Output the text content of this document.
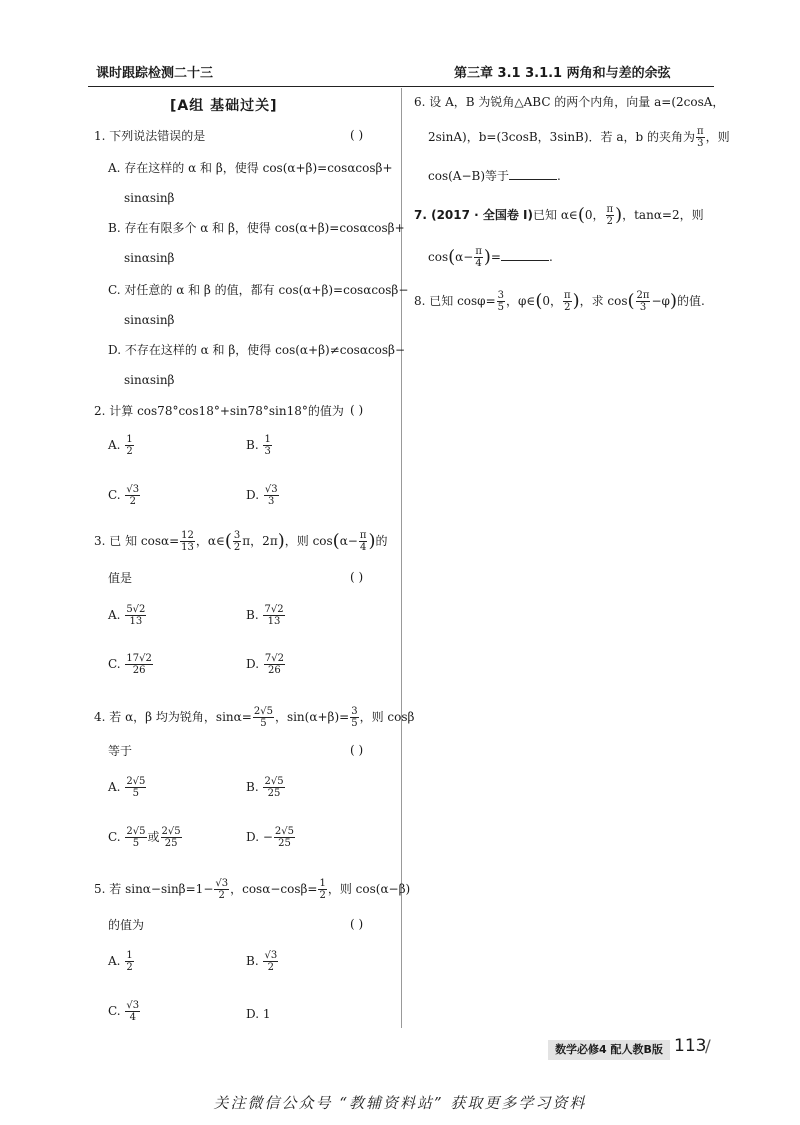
课时跟踪检测二十三	第三章 3.1 3.1.1 两角和与差的余弦
[A组 基础过关]
1. 下列说法错误的是	( )
A. 存在这样的 α 和 β，使得 cos(α+β)=cosαcosβ+
sinαsinβ
B. 存在有限多个 α 和 β，使得 cos(α+β)=cosαcosβ+
sinαsinβ
C. 对任意的 α 和 β 的值，都有 cos(α+β)=cosαcosβ−
sinαsinβ
D. 不存在这样的 α 和 β，使得 cos(α+β)≠cosαcosβ−
sinαsinβ
2. 计算 cos78°cos18°+sin78°sin18°的值为 ( )
A. $\frac{1}{2}$	B. $\frac{1}{3}$
C. $\frac{√3}{2}$	D. $\frac{√3}{3}$
3. 已 知 $\cos\alpha= \frac{12}{13}$ ，α∈( $\frac{3}{2}$ π，2π)，则 $\cos(\alpha- \frac{\pi}{4}$ )的
值是	( )
A. $\frac{5√2}{13}$	B. $\frac{7√2}{13}$
C. $\frac{17√2}{26}$	D. $\frac{7√2}{26}$
4. 若 α，β 均为锐角，$\sin\alpha= \frac{2√5}{5}$ ，$\sin(\alpha+\beta)= \frac{3}{5}$ ，则 cosβ
等于	( )
A. $\frac{2√5}{5}$	B. $\frac{2√5}{25}$
C. $\frac{2√5}{5}$ 或 $\frac{2√5}{25}$	D. − $\frac{2√5}{25}$
5. 若 $\sin\alpha-\sin\beta=1- \frac{√3}{2}$ ，$\cos\alpha-\cos\beta= \frac{1}{2}$ ，则 cos(α−β)
的值为	( )
A. $\frac{1}{2}$	B. $\frac{√3}{2}$
C. $\frac{√3}{4}$	D. 1
6. 设 A，B 为锐角△ABC 的两个内角，向量 a=(2cosA，
2sinA)，b=(3cosB，3sinB)．若 a，b 的夹角为 $\frac{\pi}{3}$ ，则
cos(A−B)等于	.
7. (2017 · 全国卷 Ⅰ)已知 α∈(0， $\frac{\pi}{2}$ )，tanα=2，则
$\cos(\alpha- \frac{\pi}{4}$ )=	.
8. 已知 $\cos\varphi= \frac{3}{5}$ ，φ∈(0， $\frac{\pi}{2}$ )，求 $\cos( \frac{2\pi}{3} -\varphi)$的值.
数学必修4 配人教B版 113
/
关注微信公众号 “教辅资料站” 获取更多学习资料
